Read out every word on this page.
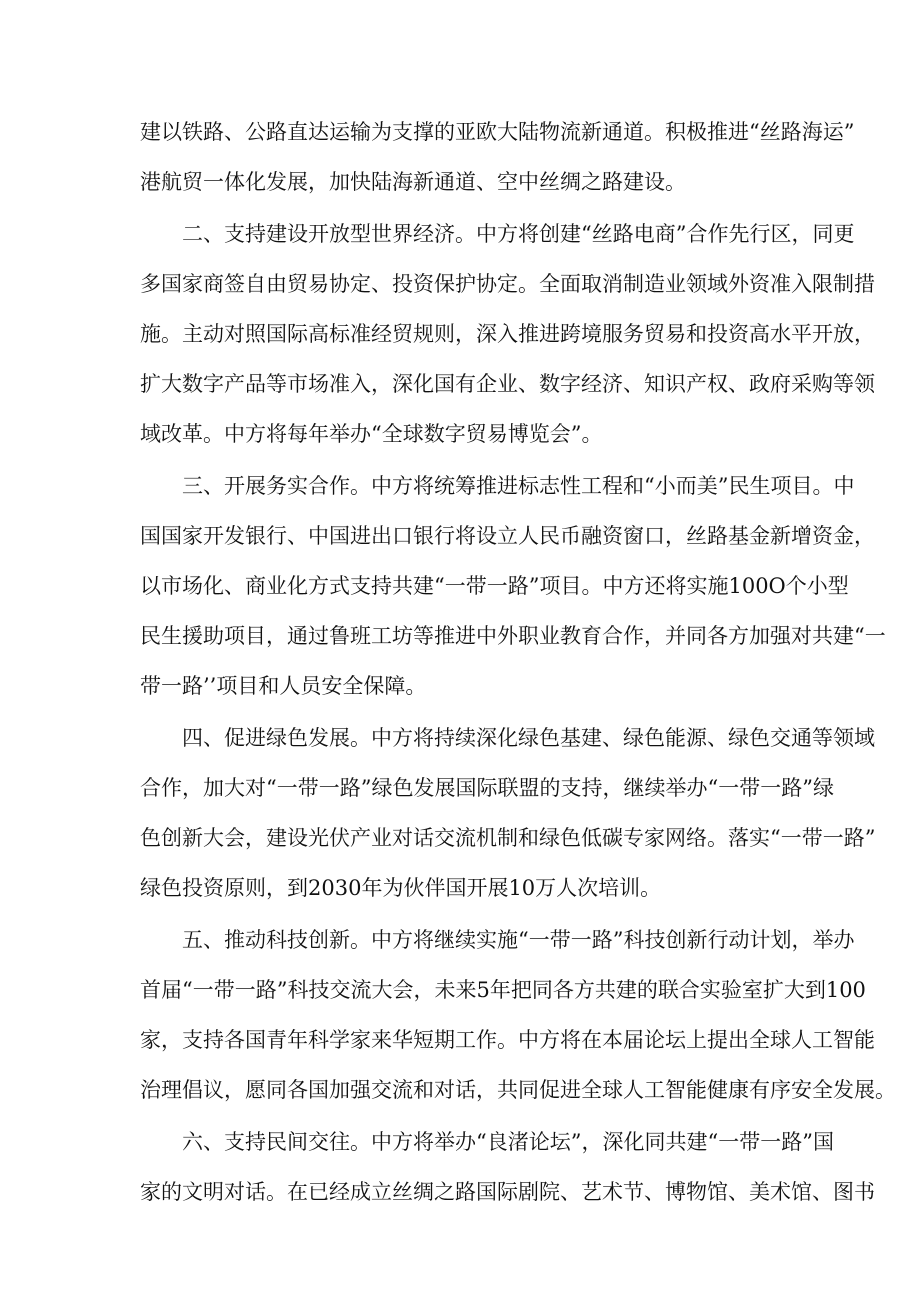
建以铁路、公路直达运输为支撑的亚欧大陆物流新通道。积极推进“丝路海运”

港航贸一体化发展，加快陆海新通道、空中丝绸之路建设。

二、支持建设开放型世界经济。中方将创建“丝路电商”合作先行区，同更

多国家商签自由贸易协定、投资保护协定。全面取消制造业领域外资准入限制措

施。主动对照国际高标准经贸规则，深入推进跨境服务贸易和投资高水平开放，

扩大数字产品等市场准入，深化国有企业、数字经济、知识产权、政府采购等领

域改革。中方将每年举办“全球数字贸易博览会”。

三、开展务实合作。中方将统筹推进标志性工程和“小而美”民生项目。中

国国家开发银行、中国进出口银行将设立人民币融资窗口，丝路基金新增资金，

以市场化、商业化方式支持共建“一带一路”项目。中方还将实施100O个小型

民生援助项目，通过鲁班工坊等推进中外职业教育合作，并同各方加强对共建“一

带一路’’项目和人员安全保障。

四、促进绿色发展。中方将持续深化绿色基建、绿色能源、绿色交通等领域

合作，加大对“一带一路”绿色发展国际联盟的支持，继续举办“一带一路”绿

色创新大会，建设光伏产业对话交流机制和绿色低碳专家网络。落实“一带一路”

绿色投资原则，到2030年为伙伴国开展10万人次培训。

五、推动科技创新。中方将继续实施“一带一路”科技创新行动计划，举办

首届“一带一路”科技交流大会，未来5年把同各方共建的联合实验室扩大到100

家，支持各国青年科学家来华短期工作。中方将在本届论坛上提出全球人工智能

治理倡议，愿同各国加强交流和对话，共同促进全球人工智能健康有序安全发展。

六、支持民间交往。中方将举办“良渚论坛”，深化同共建“一带一路”国

家的文明对话。在已经成立丝绸之路国际剧院、艺术节、博物馆、美术馆、图书
